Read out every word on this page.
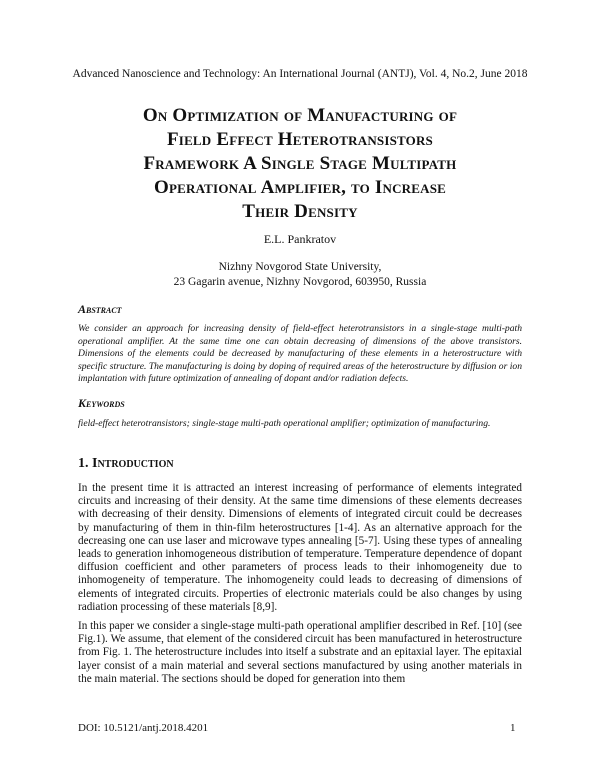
Advanced Nanoscience and Technology: An International Journal (ANTJ), Vol. 4, No.2, June 2018
On Optimization of Manufacturing of
Field Effect Heterotransistors
Framework A Single Stage Multipath
Operational Amplifier, to Increase
Their Density
E.L. Pankratov
Nizhny Novgorod State University,
23 Gagarin avenue, Nizhny Novgorod, 603950, Russia
Abstract
We consider an approach for increasing density of field-effect heterotransistors in a single-stage multi-path operational amplifier. At the same time one can obtain decreasing of dimensions of the above transistors. Dimensions of the elements could be decreased by manufacturing of these elements in a heterostructure with specific structure. The manufacturing is doing by doping of required areas of the heterostructure by diffusion or ion implantation with future optimization of annealing of dopant and/or radiation defects.
Keywords
field-effect heterotransistors; single-stage multi-path operational amplifier; optimization of manufacturing.
1. Introduction
In the present time it is attracted an interest increasing of performance of elements integrated circuits and increasing of their density. At the same time dimensions of these elements decreases with decreasing of their density. Dimensions of elements of integrated circuit could be decreases by manufacturing of them in thin-film heterostructures [1-4]. As an alternative approach for the decreasing one can use laser and microwave types annealing [5-7]. Using these types of annealing leads to generation inhomogeneous distribution of temperature. Temperature dependence of dopant diffusion coefficient and other parameters of process leads to their inhomogeneity due to inhomogeneity of temperature. The inhomogeneity could leads to decreasing of dimensions of elements of integrated circuits. Properties of electronic materials could be also changes by using radiation processing of these materials [8,9].
In this paper we consider a single-stage multi-path operational amplifier described in Ref. [10] (see Fig.1). We assume, that element of the considered circuit has been manufactured in heterostructure from Fig. 1. The heterostructure includes into itself a substrate and an epitaxial layer. The epitaxial layer consist of a main material and several sections manufactured by using another materials in the main material. The sections should be doped for generation into them
DOI: 10.5121/antj.2018.4201	1
